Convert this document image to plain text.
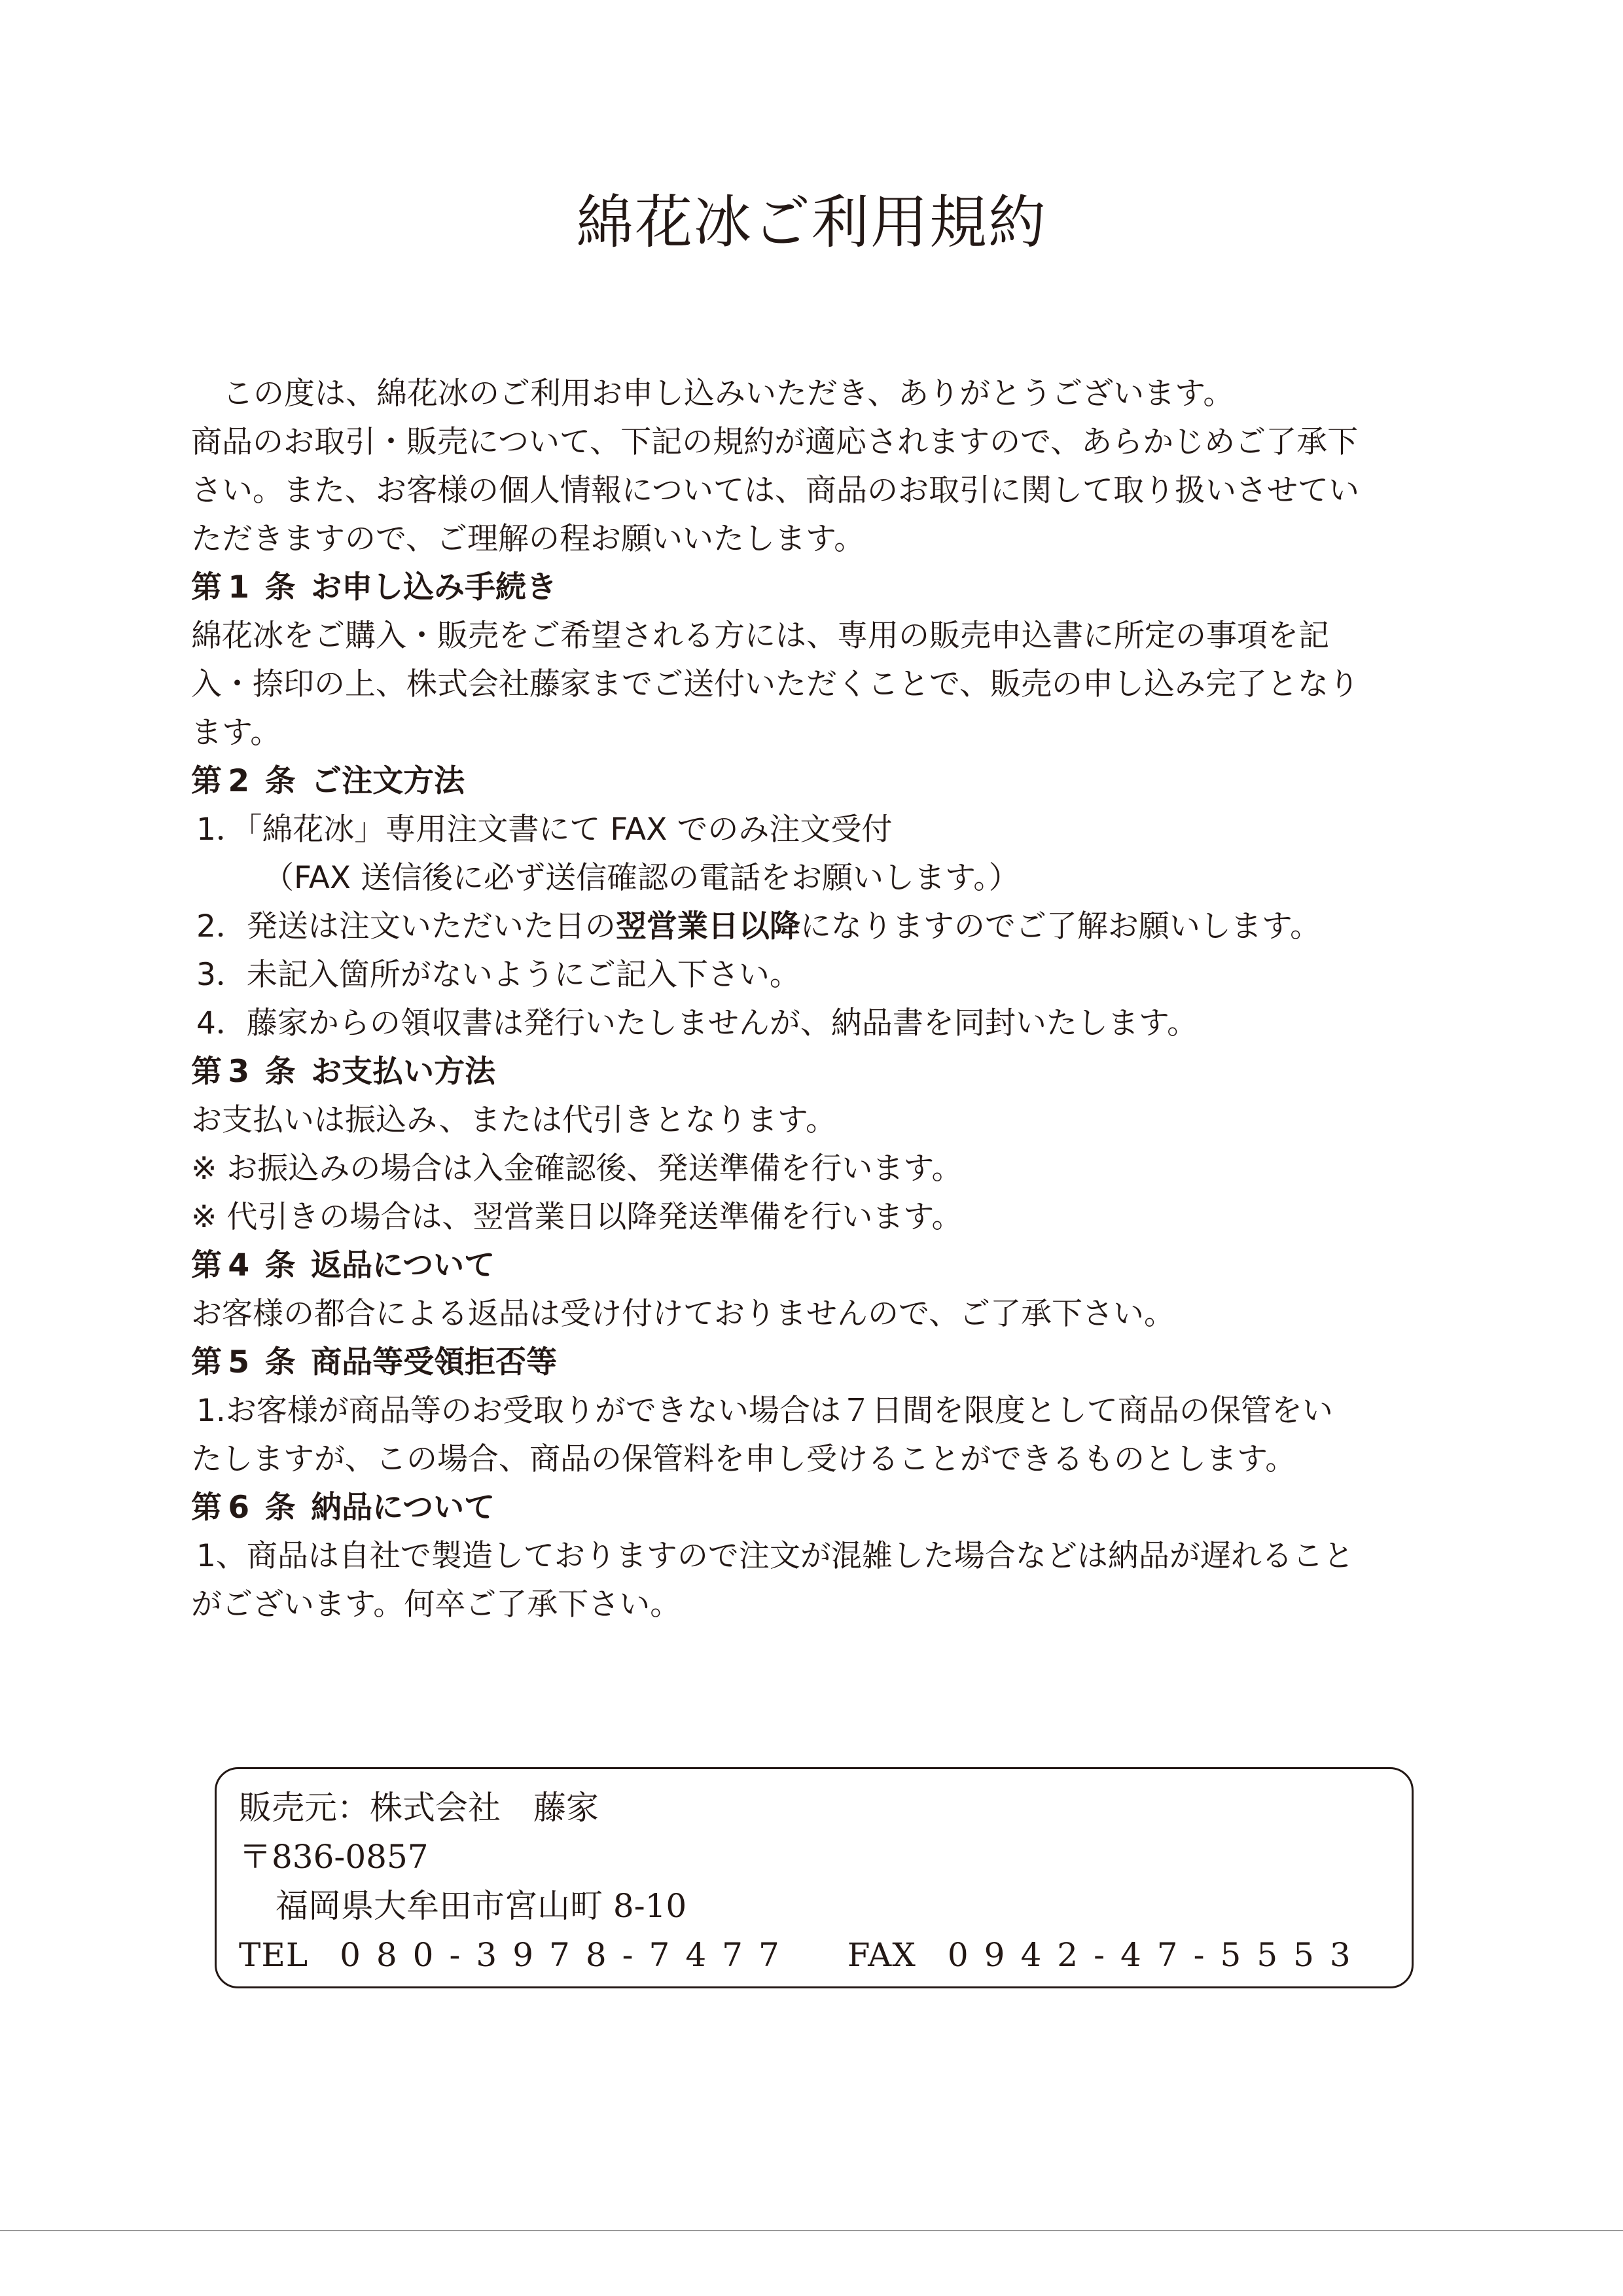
綿花冰ご利用規約

この度は、綿花冰のご利用お申し込みいただき、ありがとうございます。

商品のお取引・販売について、下記の規約が適応されますので、あらかじめご了承下

さい。また、お客様の個人情報については、商品のお取引に関して取り扱いさせてい

ただきますので、ご理解の程お願いいたします。

第 1 条 お申し込み手続き

綿花冰をご購入・販売をご希望される方には、専用の販売申込書に所定の事項を記

入・捺印の上、株式会社藤家までご送付いただくことで、販売の申し込み完了となり

ます。

第 2 条 ご注文方法

1．「綿花冰」専用注文書にて FAX でのみ注文受付

（FAX 送信後に必ず送信確認の電話をお願いします。）

2．発送は注文いただいた日の翌営業日以降になりますのでご了解お願いします。

3．未記入箇所がないようにご記入下さい。

4．藤家からの領収書は発行いたしませんが、納品書を同封いたします。

第 3 条 お支払い方法

お支払いは振込み、または代引きとなります。

※ お振込みの場合は入金確認後、発送準備を行います。

※ 代引きの場合は、翌営業日以降発送準備を行います。

第 4 条 返品について

お客様の都合による返品は受け付けておりませんので、ご了承下さい。

第 5 条 商品等受領拒否等

1.お客様が商品等のお受取りができない場合は７日間を限度として商品の保管をい

たしますが、この場合、商品の保管料を申し受けることができるものとします。

第 6 条 納品について

1、商品は自社で製造しておりますので注文が混雑した場合などは納品が遅れること

がございます。何卒ご了承下さい。

販売元：株式会社  藤家

〒836-0857

福岡県大牟田市宮山町 8-10

TEL 080-3978-7477 FAX 0942-47-5553
